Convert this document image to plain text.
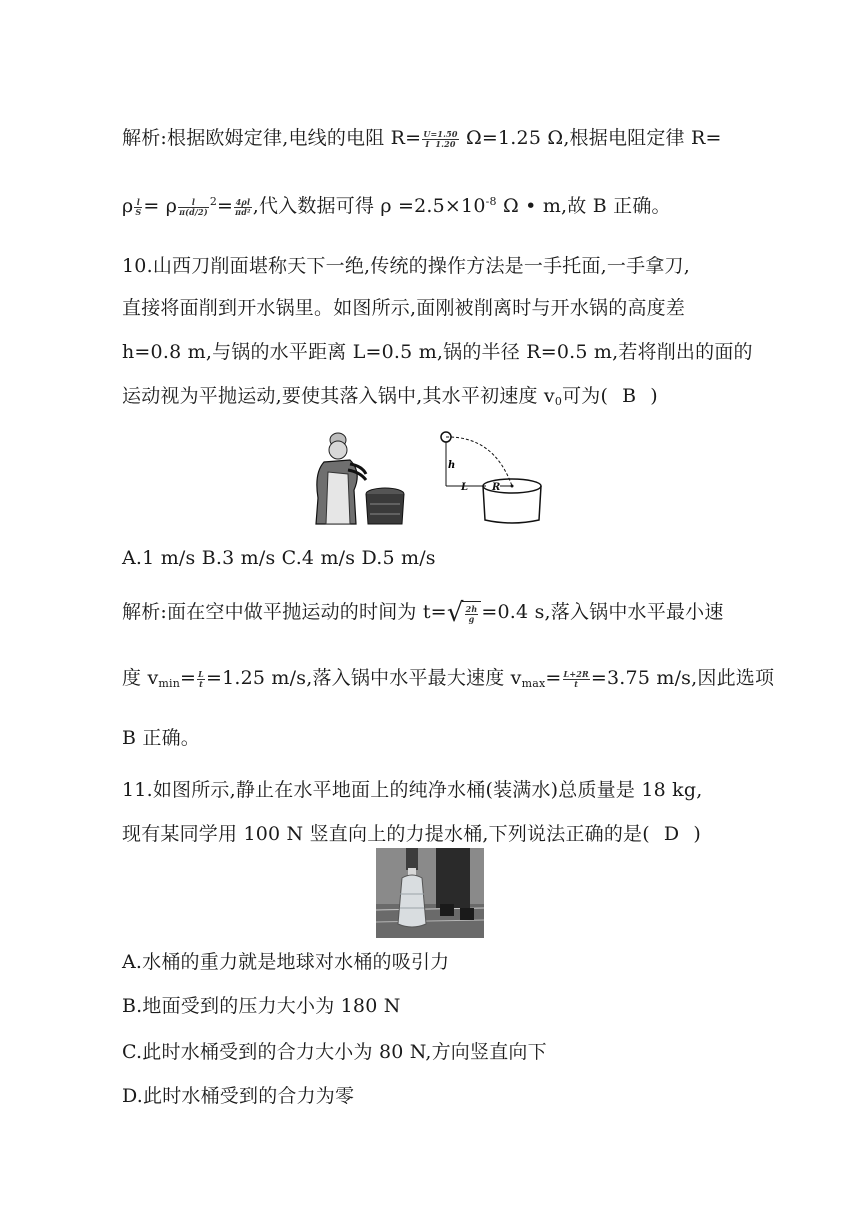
解析:根据欧姆定律,电线的电阻 $R= \frac{U=1.50}{I 1.20} \Omega=1.25$ Ω,根据电阻定律 R=
ρ $\frac{l}{S} = \rho \frac{l}{\pi(d/2)} ^2= \frac{4\rho l}{\text{πd²}}$ ,代入数据可得 $\rho =2.5\times 10^{-8}$ Ω • m,故 B 正确。
10.山西刀削面堪称天下一绝,传统的操作方法是一手托面,一手拿刀,
直接将面削到开水锅里。如图所示,面刚被削离时与开水锅的高度差
h=0.8 m,与锅的水平距离 L=0.5 m,锅的半径 R=0.5 m,若将削出的面的
运动视为平抛运动,要使其落入锅中,其水平初速度 $v_0$可为( B )
h
L R
A.1 m/s B.3 m/s C.4 m/s D.5 m/s
解析:面在空中做平抛运动的时间为 $t=√ \frac{2h}{g} =0.4$ s,落入锅中水平最小速
度 $v_{min}= \frac{L}{t} =1.25$ m/s,落入锅中水平最大速度 $v_{max}= \frac{L+2R}{t} =3.75$ m/s,因此选项
B 正确。
11.如图所示,静止在水平地面上的纯净水桶(装满水)总质量是 18 kg,
现有某同学用 100 N 竖直向上的力提水桶,下列说法正确的是( D )
A.水桶的重力就是地球对水桶的吸引力
B.地面受到的压力大小为 180 N
C.此时水桶受到的合力大小为 80 N,方向竖直向下
D.此时水桶受到的合力为零
